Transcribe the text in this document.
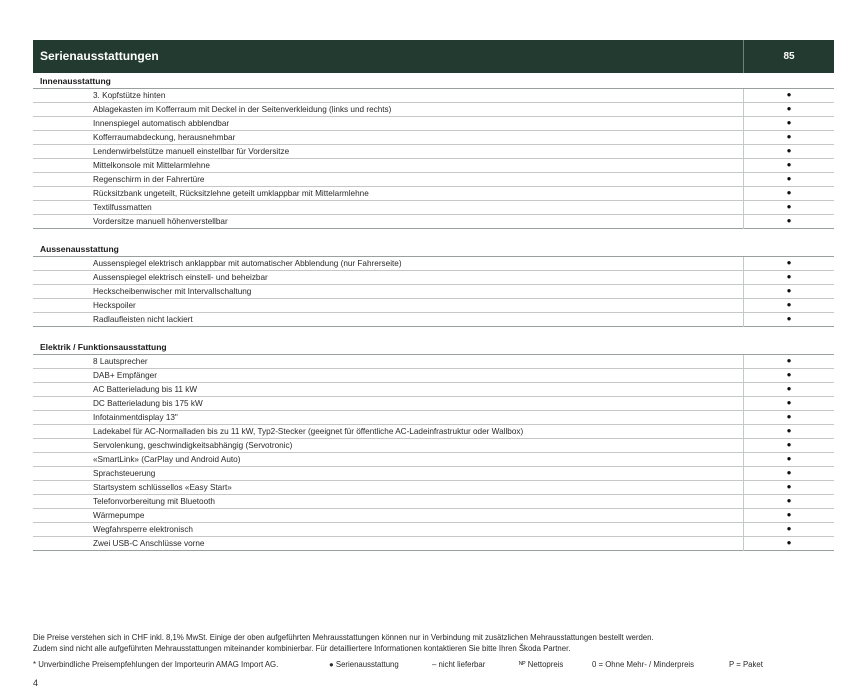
Serienausstattungen	85
Innenausstattung
3. Kopfstütze hinten	●
Ablagekasten im Kofferraum mit Deckel in der Seitenverkleidung (links und rechts)	●
Innenspiegel automatisch abblendbar	●
Kofferraumabdeckung, herausnehmbar	●
Lendenwirbelstütze manuell einstellbar für Vordersitze	●
Mittelkonsole mit Mittelarmlehne	●
Regenschirm in der Fahrertüre	●
Rücksitzbank ungeteilt, Rücksitzlehne geteilt umklappbar mit Mittelarmlehne	●
Textilfussmatten	●
Vordersitze manuell höhenverstellbar	●
Aussenausstattung
Aussenspiegel elektrisch anklappbar mit automatischer Abblendung (nur Fahrerseite)	●
Aussenspiegel elektrisch einstell- und beheizbar	●
Heckscheibenwischer mit Intervallschaltung	●
Heckspoiler	●
Radlaufleisten nicht lackiert	●
Elektrik / Funktionsausstattung
8 Lautsprecher	●
DAB+ Empfänger	●
AC Batterieladung bis 11 kW	●
DC Batterieladung bis 175 kW	●
Infotainmentdisplay 13"	●
Ladekabel für AC-Normalladen bis zu 11 kW, Typ2-Stecker (geeignet für öffentliche AC-Ladeinfrastruktur oder Wallbox)	●
Servolenkung, geschwindigkeitsabhängig (Servotronic)	●
«SmartLink» (CarPlay und Android Auto)	●
Sprachsteuerung	●
Startsystem schlüssellos «Easy Start»	●
Telefonvorbereitung mit Bluetooth	●
Wärmepumpe	●
Wegfahrsperre elektronisch	●
Zwei USB-C Anschlüsse vorne	●
Die Preise verstehen sich in CHF inkl. 8,1% MwSt. Einige der oben aufgeführten Mehrausstattungen können nur in Verbindung mit zusätzlichen Mehrausstattungen bestellt werden.
Zudem sind nicht alle aufgeführten Mehrausstattungen miteinander kombinierbar. Für detailliertere Informationen kontaktieren Sie bitte Ihren Škoda Partner.
* Unverbindliche Preisempfehlungen der Importeurin AMAG Import AG.	● Serienausstattung	– nicht lieferbar	ᴺᴾ Nettopreis	0 = Ohne Mehr- / Minderpreis	P = Paket
4
